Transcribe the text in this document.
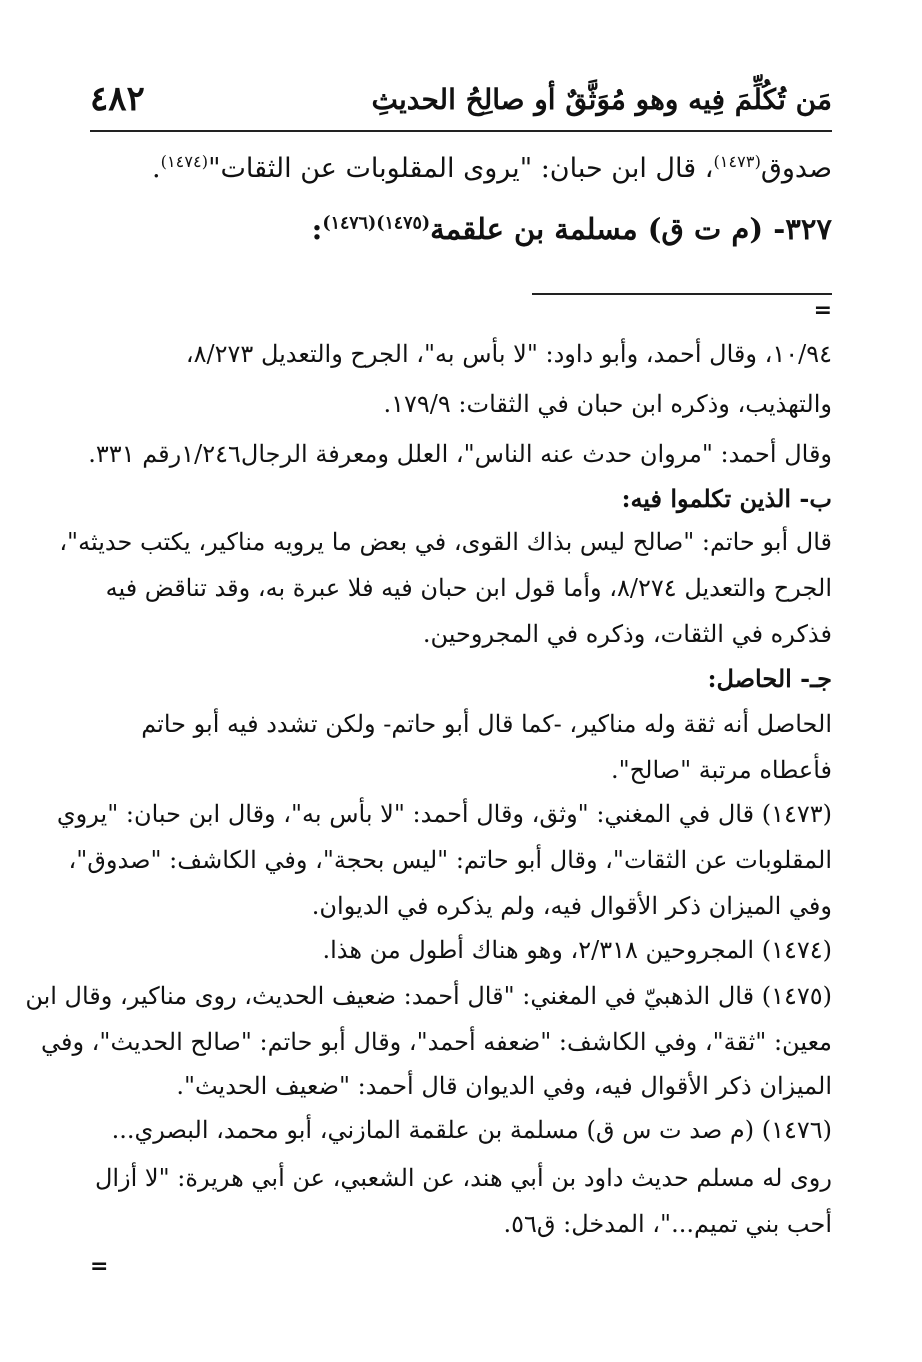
٤٨٢	مَن تُكُلِّمَ فِيه وهو مُوَثَّقٌ أو صالِحُ الحديثِ
صدوق$^{(١٤٧٣)}$، قال ابن حبان: "يروى المقلوبات عن الثقات"$^{(١٤٧٤)}$.
٣٢٧- (م ت ق) مسلمة بن علقمة$^{(١٤٧٥)(١٤٧٦)}$:
=
١٠/٩٤، وقال أحمد، وأبو داود: "لا بأس به"، الجرح والتعديل ٨/٢٧٣،
والتهذيب، وذكره ابن حبان في الثقات: ١٧٩/٩.
وقال أحمد: "مروان حدث عنه الناس"، العلل ومعرفة الرجال١/٢٤٦رقم ٣٣١.
ب- الذين تكلموا فيه:
قال أبو حاتم: "صالح ليس بذاك القوى، في بعض ما يرويه مناكير، يكتب حديثه"،
الجرح والتعديل ٨/٢٧٤، وأما قول ابن حبان فيه فلا عبرة به، وقد تناقض فيه
فذكره في الثقات، وذكره في المجروحين.
جـ- الحاصل:
الحاصل أنه ثقة وله مناكير، -كما قال أبو حاتم- ولكن تشدد فيه أبو حاتم
فأعطاه مرتبة "صالح".
(١٤٧٣) قال في المغني: "وثق، وقال أحمد: "لا بأس به"، وقال ابن حبان: "يروي
المقلوبات عن الثقات"، وقال أبو حاتم: "ليس بحجة"، وفي الكاشف: "صدوق"،
وفي الميزان ذكر الأقوال فيه، ولم يذكره في الديوان.
(١٤٧٤) المجروحين ٢/٣١٨، وهو هناك أطول من هذا.
(١٤٧٥) قال الذهبيّ في المغني: "قال أحمد: ضعيف الحديث، روى مناكير، وقال ابن
معين: "ثقة"، وفي الكاشف: "ضعفه أحمد"، وقال أبو حاتم: "صالح الحديث"، وفي
الميزان ذكر الأقوال فيه، وفي الديوان قال أحمد: "ضعيف الحديث".
(١٤٧٦) (م صد ت س ق) مسلمة بن علقمة المازني، أبو محمد، البصري...
روى له مسلم حديث داود بن أبي هند، عن الشعبي، عن أبي هريرة: "لا أزال
أحب بني تميم..."، المدخل: ق٥٦.
=
